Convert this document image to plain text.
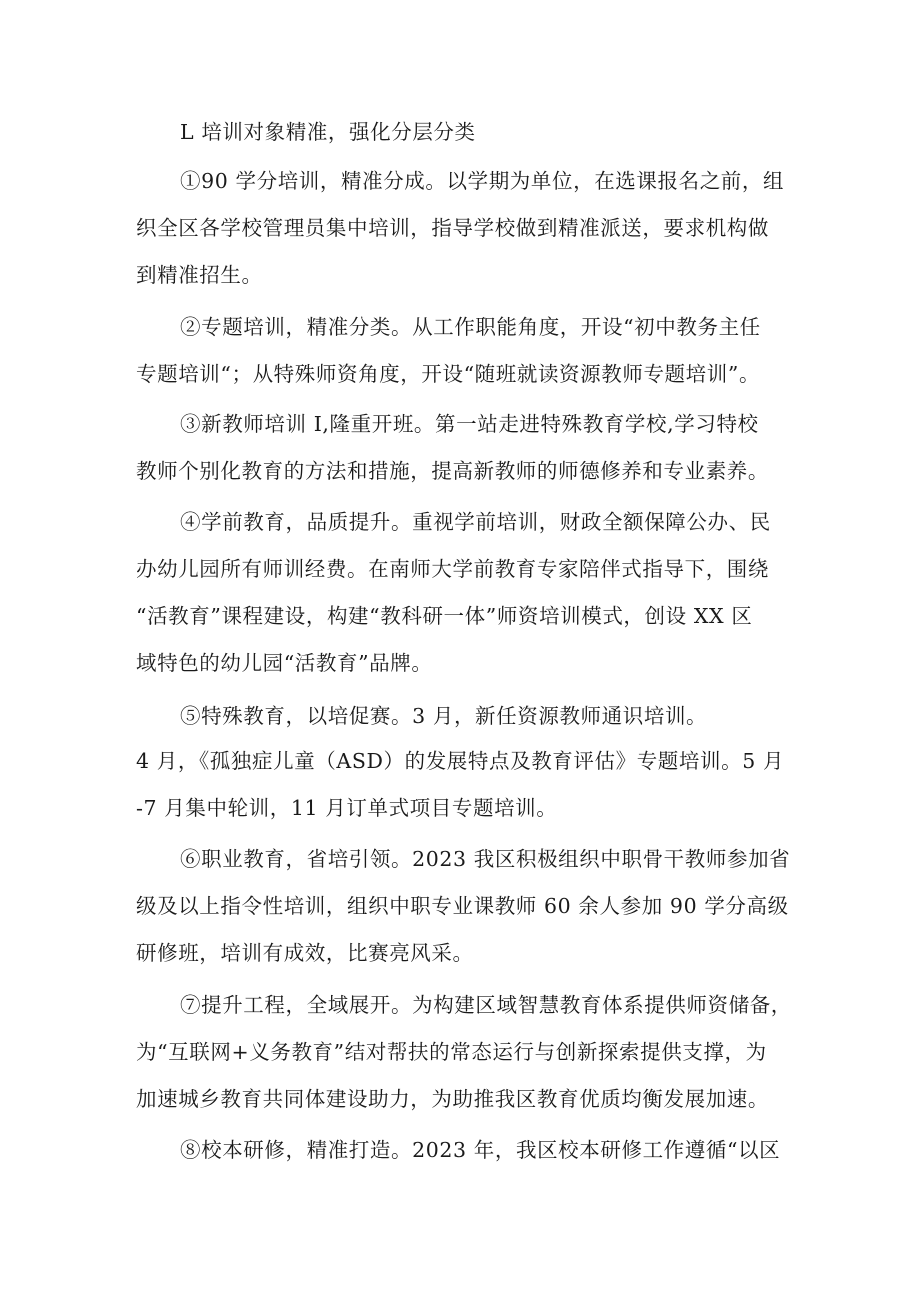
L 培训对象精准，强化分层分类

①90 学分培训，精准分成。以学期为单位，在选课报名之前，组

织全区各学校管理员集中培训，指导学校做到精准派送，要求机构做

到精准招生。

②专题培训，精准分类。从工作职能角度，开设“初中教务主任

专题培训“；从特殊师资角度，开设“随班就读资源教师专题培训”。

③新教师培训 I,隆重开班。第一站走进特殊教育学校,学习特校

教师个别化教育的方法和措施，提高新教师的师德修养和专业素养。

④学前教育，品质提升。重视学前培训，财政全额保障公办、民

办幼儿园所有师训经费。在南师大学前教育专家陪伴式指导下，围绕

“活教育”课程建设，构建“教科研一体”师资培训模式，创设 XX 区

域特色的幼儿园“活教育”品牌。

⑤特殊教育，以培促赛。3 月，新任资源教师通识培训。

4 月，《孤独症儿童（ASD）的发展特点及教育评估》专题培训。5 月

-7 月集中轮训，11 月订单式项目专题培训。

⑥职业教育，省培引领。2023 我区积极组织中职骨干教师参加省

级及以上指令性培训，组织中职专业课教师 60 余人参加 90 学分高级

研修班，培训有成效，比赛亮风采。

⑦提升工程，全域展开。为构建区域智慧教育体系提供师资储备，

为“互联网+义务教育”结对帮扶的常态运行与创新探索提供支撑，为

加速城乡教育共同体建设助力，为助推我区教育优质均衡发展加速。

⑧校本研修，精准打造。2023 年，我区校本研修工作遵循“以区
